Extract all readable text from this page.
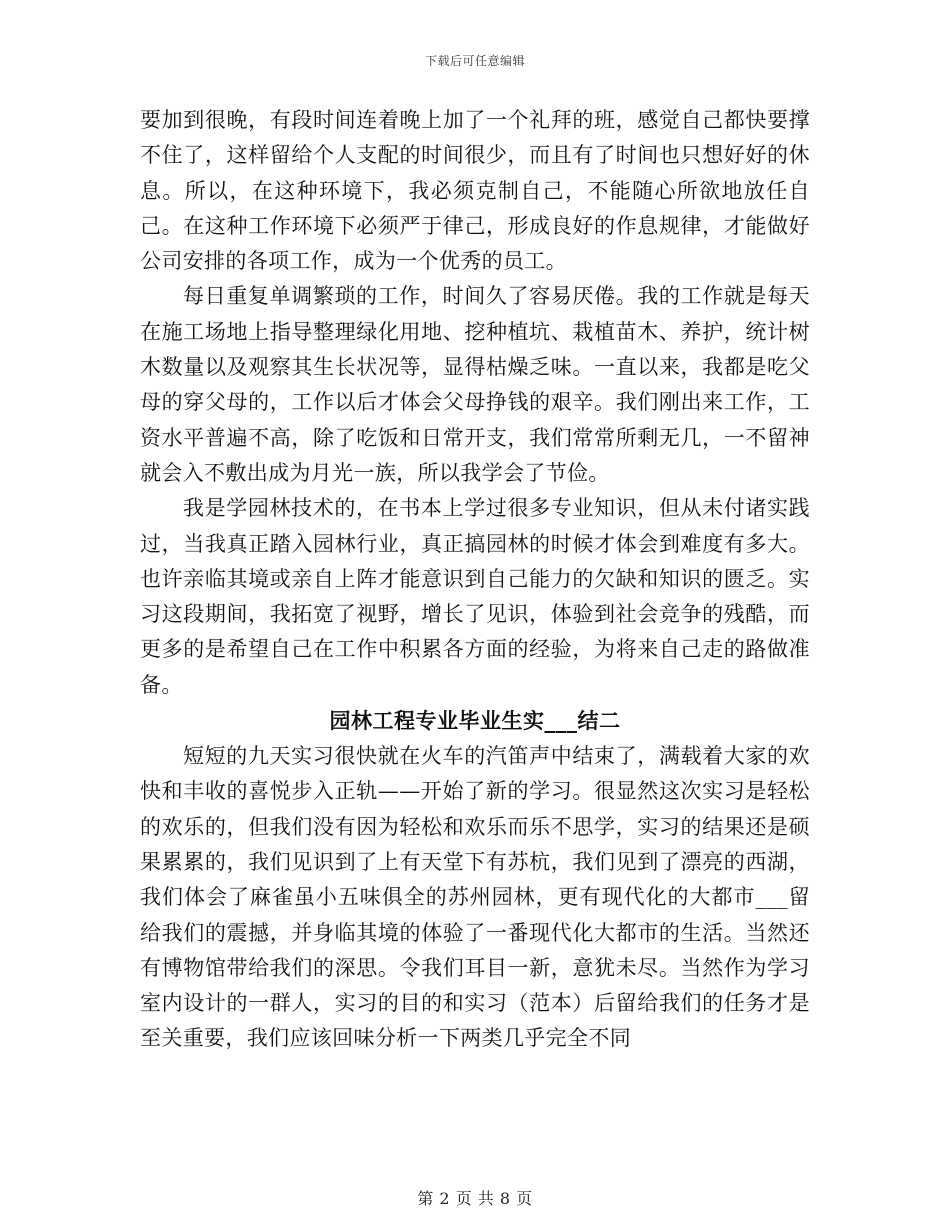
下载后可任意编辑

要加到很晚，有段时间连着晚上加了一个礼拜的班，感觉自己都快要撑不住了，这样留给个人支配的时间很少，而且有了时间也只想好好的休息。所以，在这种环境下，我必须克制自己，不能随心所欲地放任自己。在这种工作环境下必须严于律己，形成良好的作息规律，才能做好公司安排的各项工作，成为一个优秀的员工。

每日重复单调繁琐的工作，时间久了容易厌倦。我的工作就是每天在施工场地上指导整理绿化用地、挖种植坑、栽植苗木、养护，统计树木数量以及观察其生长状况等，显得枯燥乏味。一直以来，我都是吃父母的穿父母的，工作以后才体会父母挣钱的艰辛。我们刚出来工作，工资水平普遍不高，除了吃饭和日常开支，我们常常所剩无几，一不留神就会入不敷出成为月光一族，所以我学会了节俭。

我是学园林技术的，在书本上学过很多专业知识，但从未付诸实践过，当我真正踏入园林行业，真正搞园林的时候才体会到难度有多大。也许亲临其境或亲自上阵才能意识到自己能力的欠缺和知识的匮乏。实习这段期间，我拓宽了视野，增长了见识，体验到社会竞争的残酷，而更多的是希望自己在工作中积累各方面的经验，为将来自己走的路做准备。

园林工程专业毕业生实___结二

短短的九天实习很快就在火车的汽笛声中结束了，满载着大家的欢快和丰收的喜悦步入正轨——开始了新的学习。很显然这次实习是轻松的欢乐的，但我们没有因为轻松和欢乐而乐不思学，实习的结果还是硕果累累的，我们见识到了上有天堂下有苏杭，我们见到了漂亮的西湖，我们体会了麻雀虽小五味俱全的苏州园林，更有现代化的大都市___留给我们的震撼，并身临其境的体验了一番现代化大都市的生活。当然还有博物馆带给我们的深思。令我们耳目一新，意犹未尽。当然作为学习室内设计的一群人，实习的目的和实习（范本）后留给我们的任务才是至关重要，我们应该回味分析一下两类几乎完全不同

第 2 页 共 8 页
